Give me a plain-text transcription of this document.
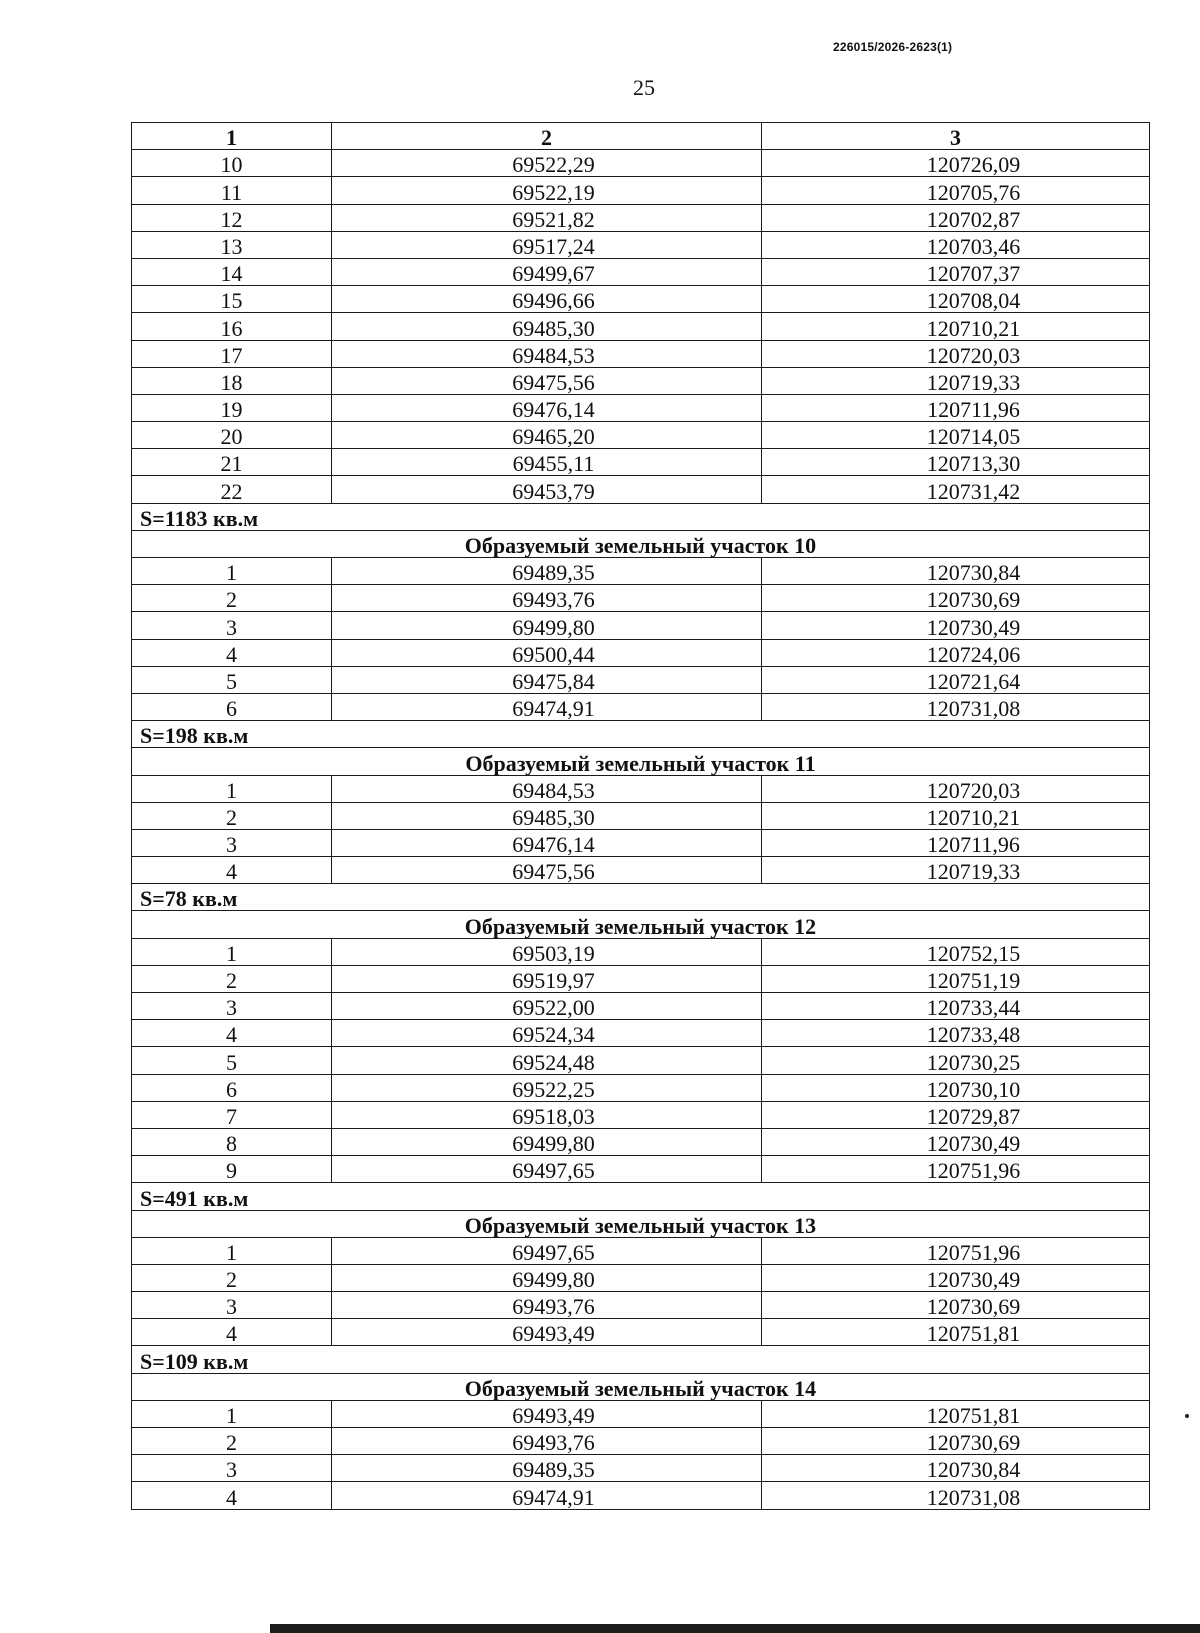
226015/2026-2623(1)
25
1	2	3
10	69522,29	120726,09
11	69522,19	120705,76
12	69521,82	120702,87
13	69517,24	120703,46
14	69499,67	120707,37
15	69496,66	120708,04
16	69485,30	120710,21
17	69484,53	120720,03
18	69475,56	120719,33
19	69476,14	120711,96
20	69465,20	120714,05
21	69455,11	120713,30
22	69453,79	120731,42
S=1183 кв.м		
Образуемый земельный участок 10		
1	69489,35	120730,84
2	69493,76	120730,69
3	69499,80	120730,49
4	69500,44	120724,06
5	69475,84	120721,64
6	69474,91	120731,08
S=198 кв.м		
Образуемый земельный участок 11		
1	69484,53	120720,03
2	69485,30	120710,21
3	69476,14	120711,96
4	69475,56	120719,33
S=78 кв.м		
Образуемый земельный участок 12		
1	69503,19	120752,15
2	69519,97	120751,19
3	69522,00	120733,44
4	69524,34	120733,48
5	69524,48	120730,25
6	69522,25	120730,10
7	69518,03	120729,87
8	69499,80	120730,49
9	69497,65	120751,96
S=491 кв.м		
Образуемый земельный участок 13		
1	69497,65	120751,96
2	69499,80	120730,49
3	69493,76	120730,69
4	69493,49	120751,81
S=109 кв.м		
Образуемый земельный участок 14		
1	69493,49	120751,81
2	69493,76	120730,69
3	69489,35	120730,84
4	69474,91	120731,08
